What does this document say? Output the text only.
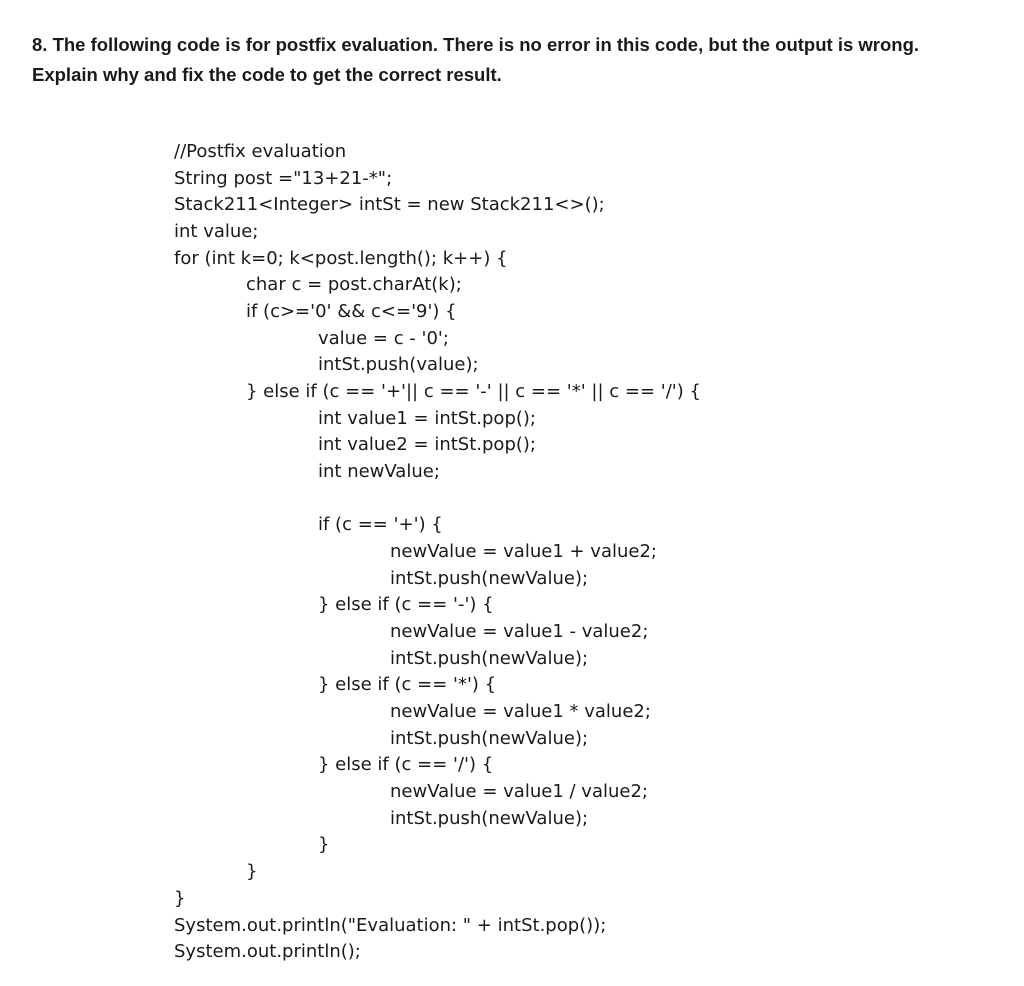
8. The following code is for postfix evaluation. There is no error in this code, but the output is wrong.
Explain why and fix the code to get the correct result.
//Postfix evaluation
String post ="13+21-*";
Stack211<Integer> intSt = new Stack211<>();
int value;
for (int k=0; k<post.length(); k++) {
char c = post.charAt(k);
if (c>='0' && c<='9') {
value = c - '0';
intSt.push(value);
} else if (c == '+'|| c == '-' || c == '*' || c == '/') {
int value1 = intSt.pop();
int value2 = intSt.pop();
int newValue;
if (c == '+') {
newValue = value1 + value2;
intSt.push(newValue);
} else if (c == '-') {
newValue = value1 - value2;
intSt.push(newValue);
} else if (c == '*') {
newValue = value1 * value2;
intSt.push(newValue);
} else if (c == '/') {
newValue = value1 / value2;
intSt.push(newValue);
}
}
}
System.out.println("Evaluation: " + intSt.pop());
System.out.println();
